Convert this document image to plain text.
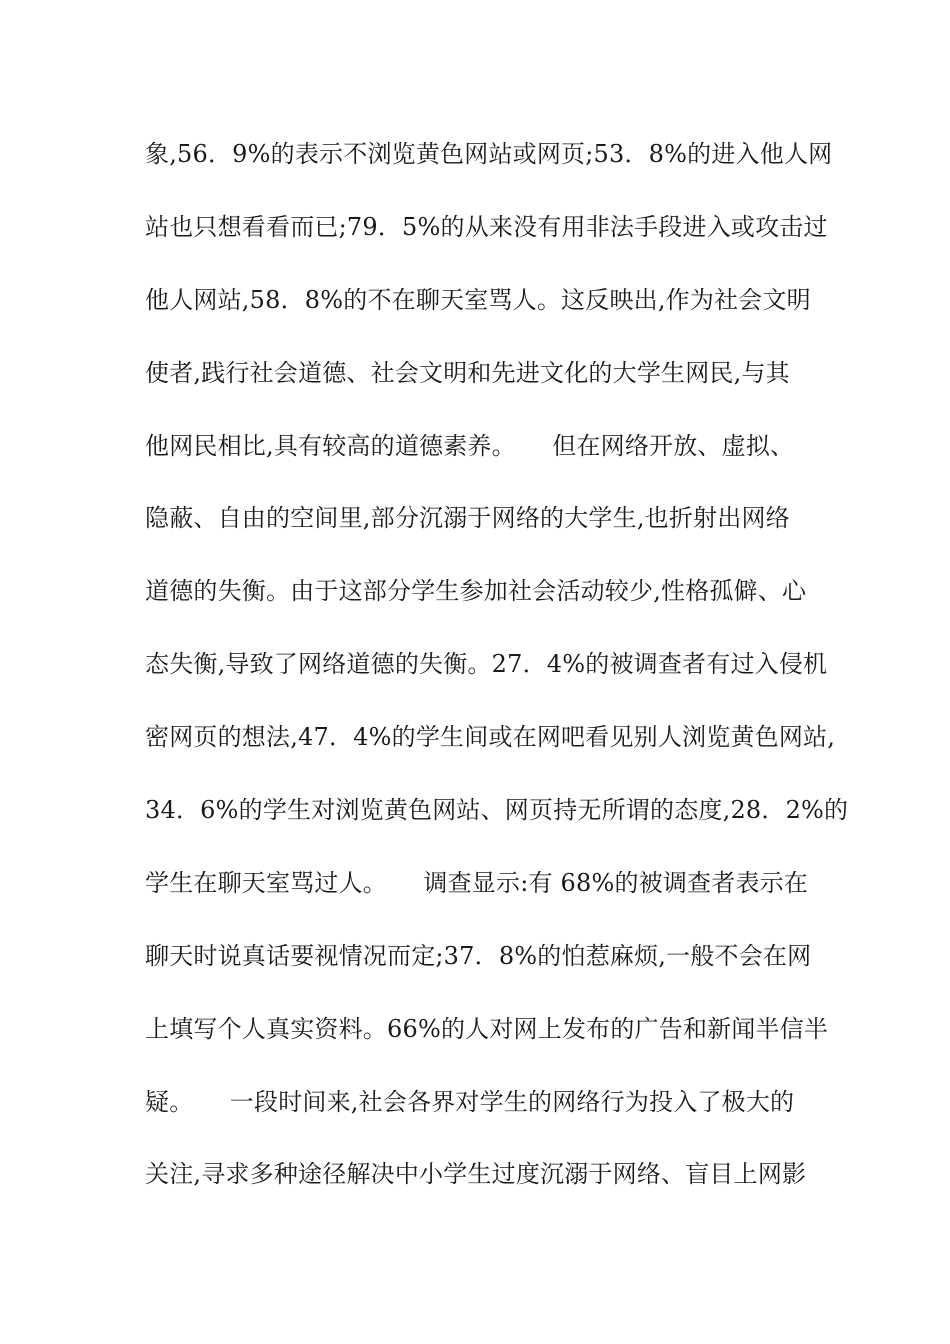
象,56．9%的表示不浏览黄色网站或网页;53．8%的进入他人网
站也只想看看而已;79．5%的从来没有用非法手段进入或攻击过
他人网站,58．8%的不在聊天室骂人。这反映出,作为社会文明
使者,践行社会道德、社会文明和先进文化的大学生网民,与其
他网民相比,具有较高的道德素养。　　但在网络开放、虚拟、
隐蔽、自由的空间里,部分沉溺于网络的大学生,也折射出网络
道德的失衡。由于这部分学生参加社会活动较少,性格孤僻、心
态失衡,导致了网络道德的失衡。27．4%的被调查者有过入侵机
密网页的想法,47．4%的学生间或在网吧看见别人浏览黄色网站,
34．6%的学生对浏览黄色网站、网页持无所谓的态度,28．2%的
学生在聊天室骂过人。　　调查显示:有 68%的被调查者表示在
聊天时说真话要视情况而定;37．8%的怕惹麻烦,一般不会在网
上填写个人真实资料。66%的人对网上发布的广告和新闻半信半
疑。　　一段时间来,社会各界对学生的网络行为投入了极大的
关注,寻求多种途径解决中小学生过度沉溺于网络、盲目上网影
